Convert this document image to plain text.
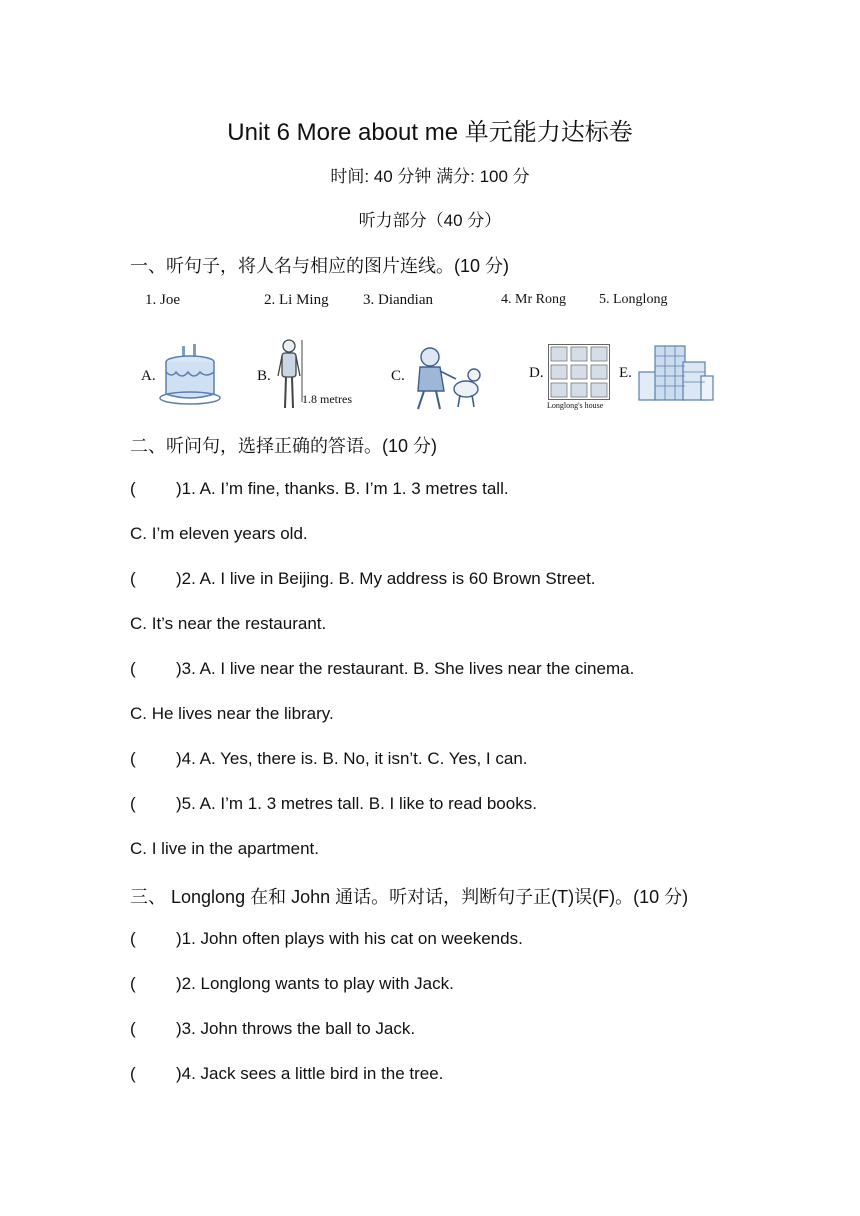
Unit 6 More about me 单元能力达标卷
时间: 40 分钟 满分: 100 分
听力部分（40 分）
一、听句子，将人名与相应的图片连线。(10 分)
1. Joe	2. Li Ming 3. Diandian	4. Mr Rong 5. Longlong
A.	B.	C.	D.	E.
1.8 metres	Longlong's house
二、听问句，选择正确的答语。(10 分)
( )1. A. I’m fine, thanks. B. I’m 1. 3 metres tall.
C. I’m eleven years old.
( )2. A. I live in Beijing. B. My address is 60 Brown Street.
C. It’s near the restaurant.
( )3. A. I live near the restaurant. B. She lives near the cinema.
C. He lives near the library.
( )4. A. Yes, there is. B. No, it isn’t. C. Yes, I can.
( )5. A. I’m 1. 3 metres tall. B. I like to read books.
C. I live in the apartment.
三、 Longlong 在和 John 通话。听对话，判断句子正(T)误(F)。(10 分)
( )1. John often plays with his cat on weekends.
( )2. Longlong wants to play with Jack.
( )3. John throws the ball to Jack.
( )4. Jack sees a little bird in the tree.
